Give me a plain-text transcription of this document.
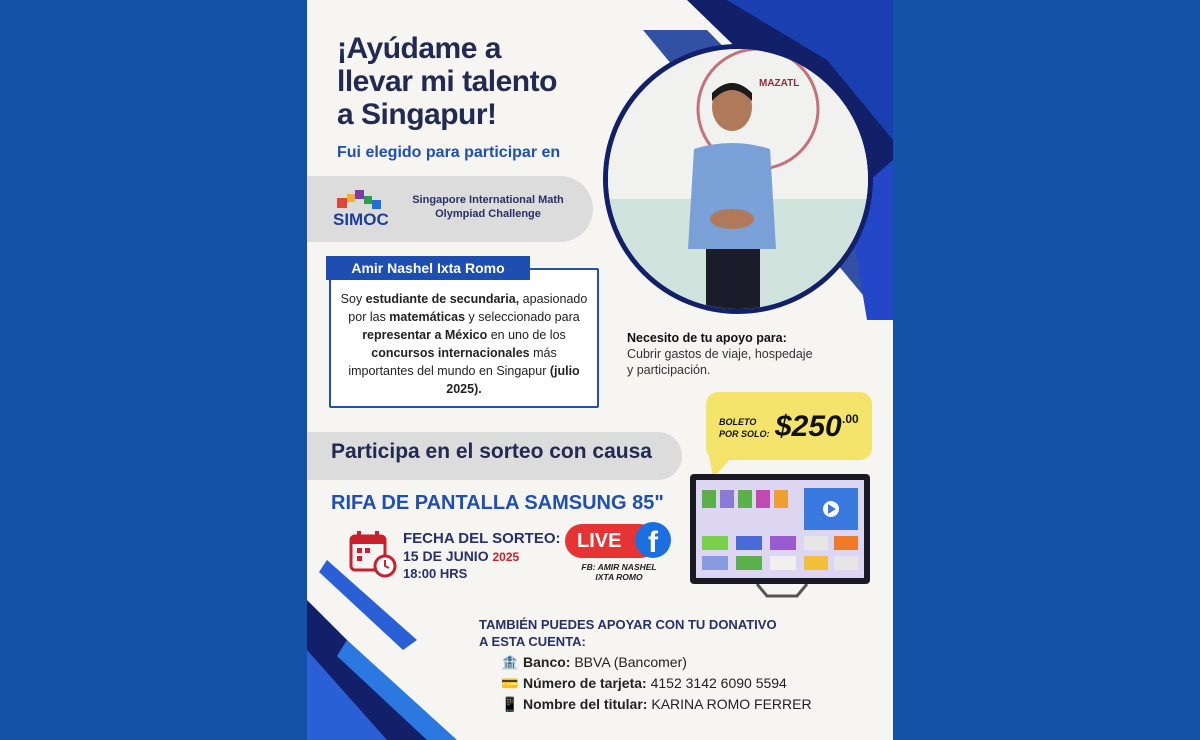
¡Ayúdame a
llevar mi talento
a Singapur!
Fui elegido para participar en
SIMOC
Singapore International Math
Olympiad Challenge
Soy estudiante de secundaria, apasionado por las matemáticas y seleccionado para representar a México en uno de los concursos internacionales más importantes del mundo en Singapur (julio 2025).
Amir Nashel Ixta Romo
MAZATL
Necesito de tu apoyo para:
Cubrir gastos de viaje, hospedaje
y participación.
Participa en el sorteo con causa
BOLETO
POR SOLO: $250 .00
RIFA DE PANTALLA SAMSUNG 85"
FECHA DEL SORTEO:
15 DE JUNIO 2025
18:00 HRS
LIVE f
FB: AMIR NASHEL
IXTA ROMO
TAMBIÉN PUEDES APOYAR CON TU DONATIVO
A ESTA CUENTA:
🏦 Banco: BBVA (Bancomer)
💳 Número de tarjeta: 4152 3142 6090 5594
📱 Nombre del titular: KARINA ROMO FERRER
